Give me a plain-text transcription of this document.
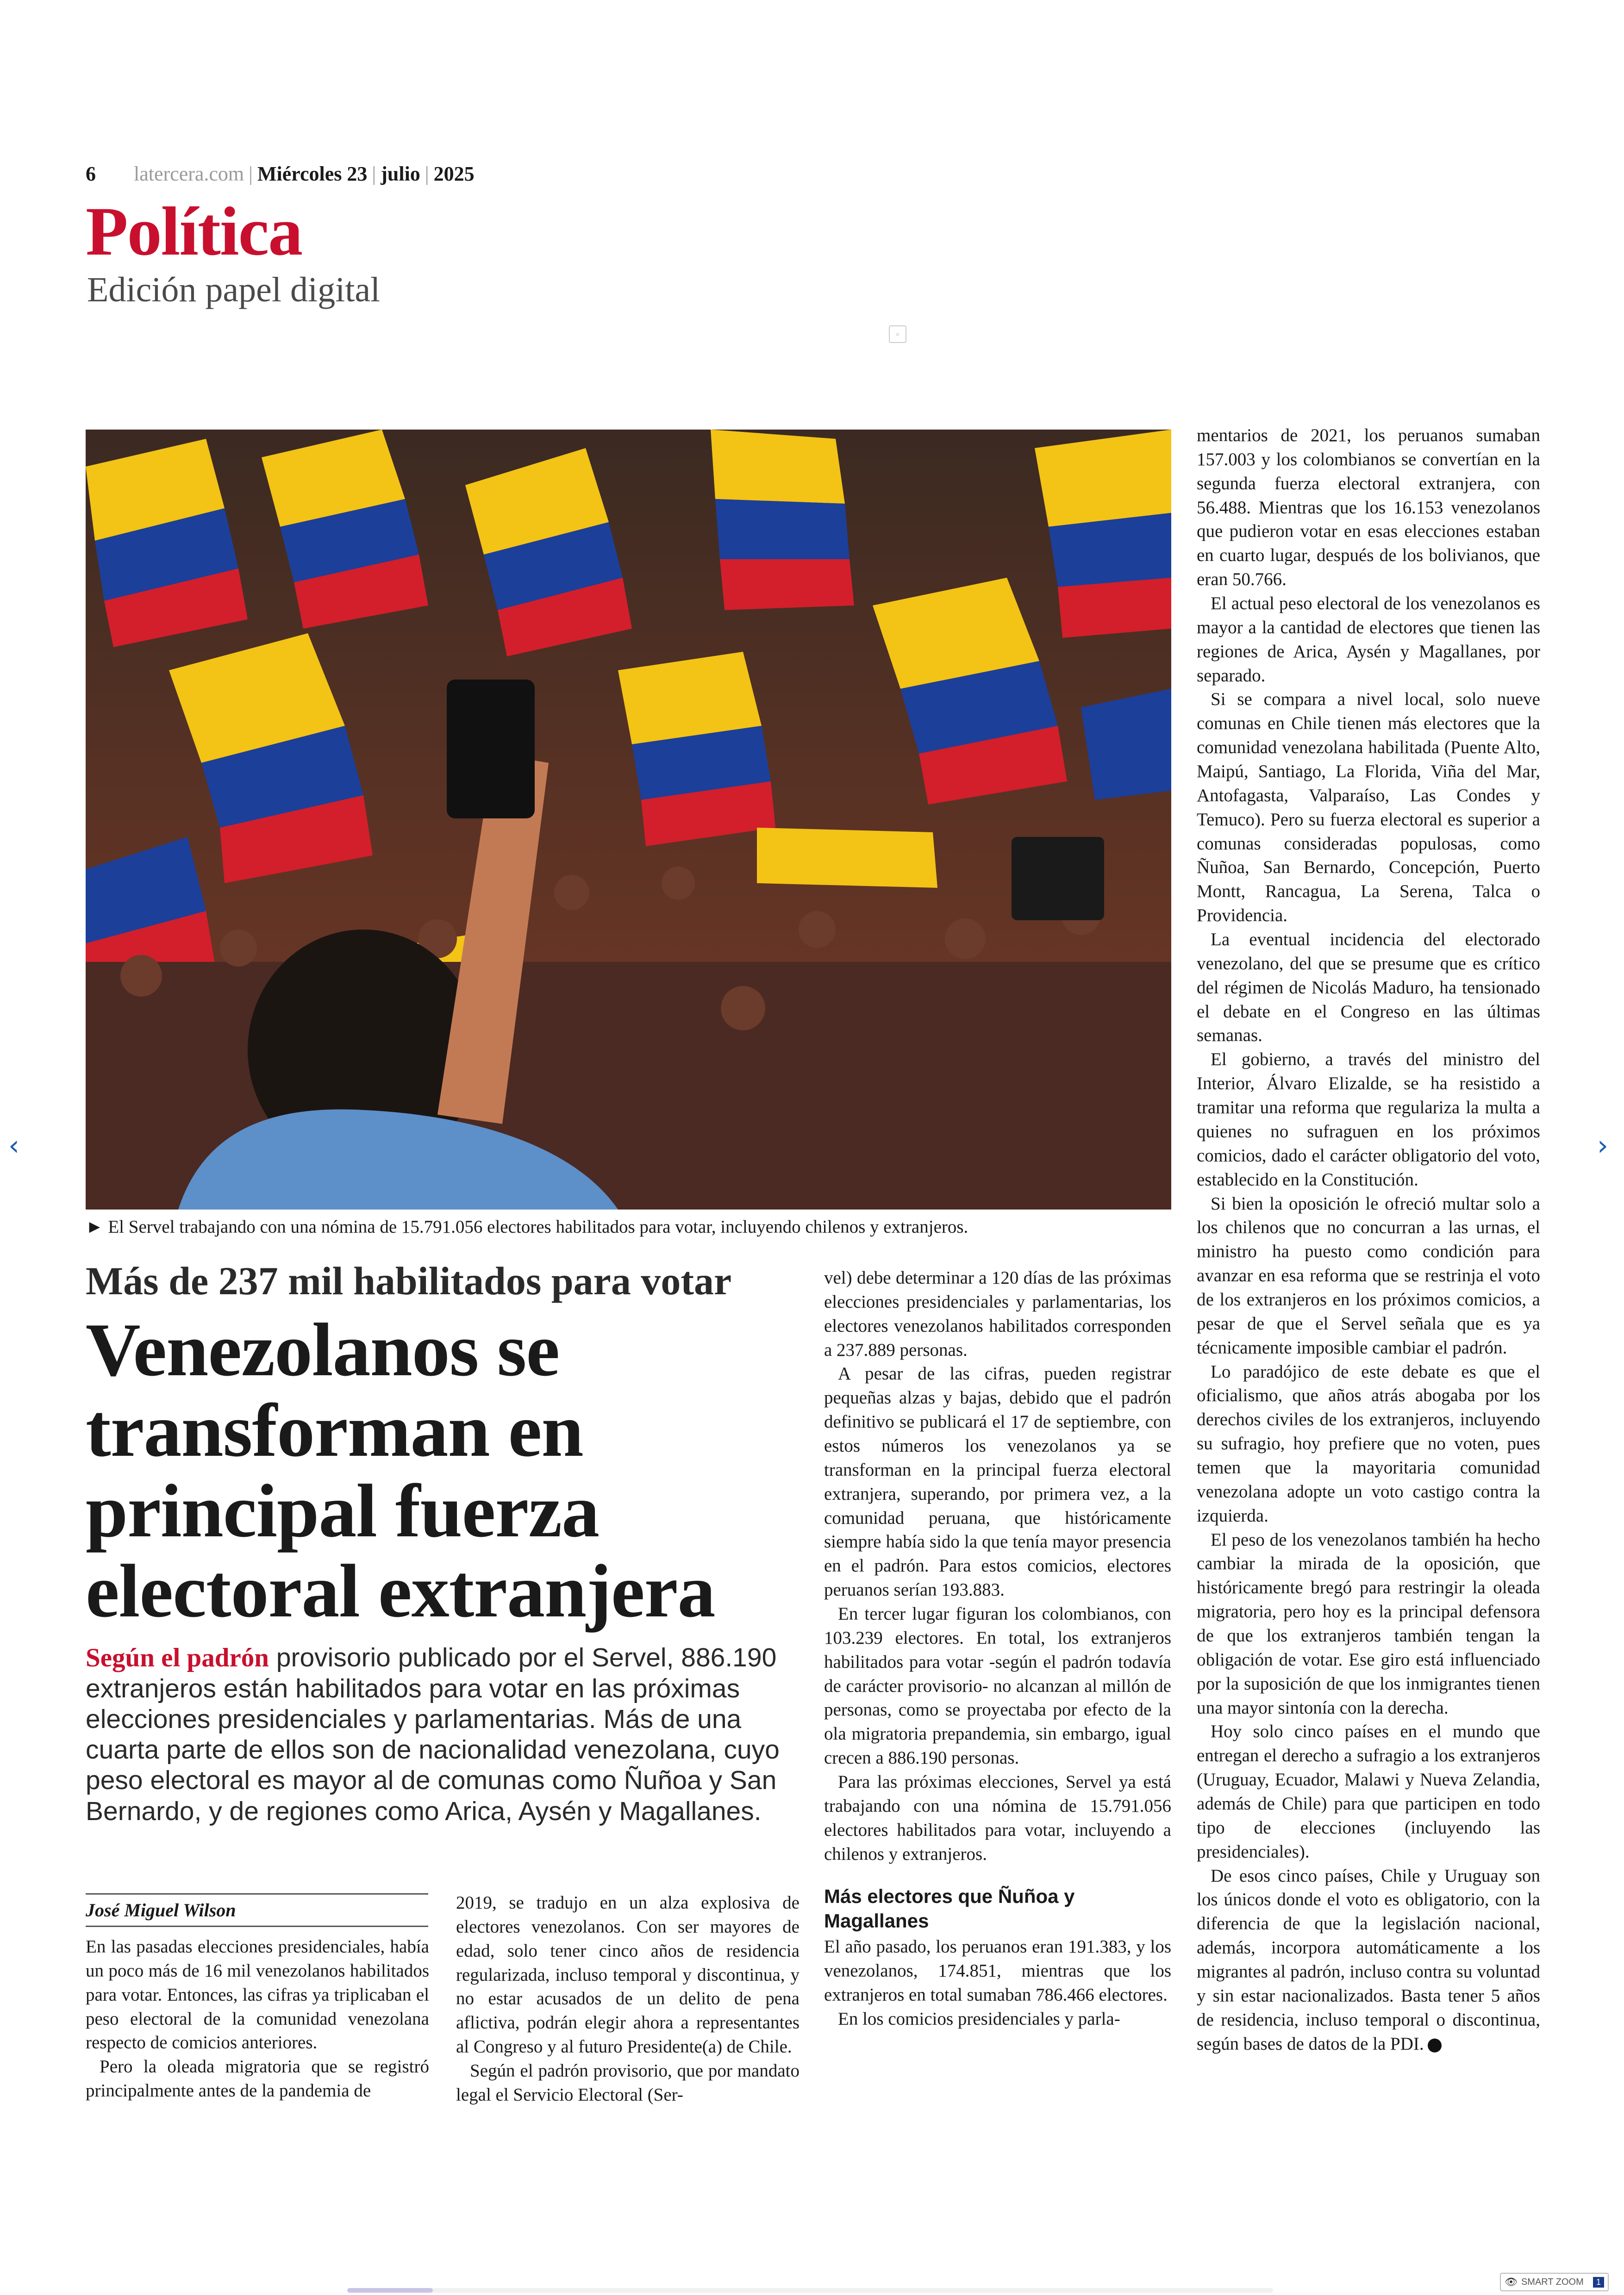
6 latercera.com | Miércoles 23 | julio | 2025
Política
Edición papel digital
▫
► El Servel trabajando con una nómina de 15.791.056 electores habilitados para votar, incluyendo chilenos y extranjeros.
Más de 237 mil habilitados para votar
Venezolanos se transforman en principal fuerza electoral extranjera
Según el padrón provisorio publicado por el Servel, 886.190 extranjeros están habilitados para votar en las próximas elecciones presidenciales y parlamentarias. Más de una cuarta parte de ellos son de nacionalidad venezolana, cuyo peso electoral es mayor al de comunas como Ñuñoa y San Bernardo, y de regiones como Arica, Aysén y Magallanes.
José Miguel Wilson

En las pasadas elecciones presidenciales, había un poco más de 16 mil venezolanos habilitados para votar. Entonces, las cifras ya triplicaban el peso electoral de la comunidad venezolana respecto de comicios anteriores.

Pero la oleada migratoria que se registró principalmente antes de la pandemia de

2019, se tradujo en un alza explosiva de electores venezolanos. Con ser mayores de edad, solo tener cinco años de residencia regularizada, incluso temporal y discontinua, y no estar acusados de un delito de pena aflictiva, podrán elegir ahora a representantes al Congreso y al futuro Presidente(a) de Chile.

Según el padrón provisorio, que por mandato legal el Servicio Electoral (Ser-

vel) debe determinar a 120 días de las próximas elecciones presidenciales y parlamentarias, los electores venezolanos habilitados corresponden a 237.889 personas.

A pesar de las cifras, pueden registrar pequeñas alzas y bajas, debido que el padrón definitivo se publicará el 17 de septiembre, con estos números los venezolanos ya se transforman en la principal fuerza electoral extranjera, superando, por primera vez, a la comunidad peruana, que históricamente siempre había sido la que tenía mayor presencia en el padrón. Para estos comicios, electores peruanos serían 193.883.

En tercer lugar figuran los colombianos, con 103.239 electores. En total, los extranjeros habilitados para votar -según el padrón todavía de carácter provisorio- no alcanzan al millón de personas, como se proyectaba por efecto de la ola migratoria prepandemia, sin embargo, igual crecen a 886.190 personas.

Para las próximas elecciones, Servel ya está trabajando con una nómina de 15.791.056 electores habilitados para votar, incluyendo a chilenos y extranjeros.

Más electores que Ñuñoa y Magallanes

El año pasado, los peruanos eran 191.383, y los venezolanos, 174.851, mientras que los extranjeros en total sumaban 786.466 electores.

En los comicios presidenciales y parla-

mentarios de 2021, los peruanos sumaban 157.003 y los colombianos se convertían en la segunda fuerza electoral extranjera, con 56.488. Mientras que los 16.153 venezolanos que pudieron votar en esas elecciones estaban en cuarto lugar, después de los bolivianos, que eran 50.766.

El actual peso electoral de los venezolanos es mayor a la cantidad de electores que tienen las regiones de Arica, Aysén y Magallanes, por separado.

Si se compara a nivel local, solo nueve comunas en Chile tienen más electores que la comunidad venezolana habilitada (Puente Alto, Maipú, Santiago, La Florida, Viña del Mar, Antofagasta, Valparaíso, Las Condes y Temuco). Pero su fuerza electoral es superior a comunas consideradas populosas, como Ñuñoa, San Bernardo, Concepción, Puerto Montt, Rancagua, La Serena, Talca o Providencia.

La eventual incidencia del electorado venezolano, del que se presume que es crítico del régimen de Nicolás Maduro, ha tensionado el debate en el Congreso en las últimas semanas.

El gobierno, a través del ministro del Interior, Álvaro Elizalde, se ha resistido a tramitar una reforma que regulariza la multa a quienes no sufraguen en los próximos comicios, dado el carácter obligatorio del voto, establecido en la Constitución.

Si bien la oposición le ofreció multar solo a los chilenos que no concurran a las urnas, el ministro ha puesto como condición para avanzar en esa reforma que se restrinja el voto de los extranjeros en los próximos comicios, a pesar de que el Servel señala que es ya técnicamente imposible cambiar el padrón.

Lo paradójico de este debate es que el oficialismo, que años atrás abogaba por los derechos civiles de los extranjeros, incluyendo su sufragio, hoy prefiere que no voten, pues temen que la mayoritaria comunidad venezolana adopte un voto castigo contra la izquierda.

El peso de los venezolanos también ha hecho cambiar la mirada de la oposición, que históricamente bregó para restringir la oleada migratoria, pero hoy es la principal defensora de que los extranjeros también tengan la obligación de votar. Ese giro está influenciado por la suposición de que los inmigrantes tienen una mayor sintonía con la derecha.

Hoy solo cinco países en el mundo que entregan el derecho a sufragio a los extranjeros (Uruguay, Ecuador, Malawi y Nueva Zelandia, además de Chile) para que participen en todo tipo de elecciones (incluyendo las presidenciales).

De esos cinco países, Chile y Uruguay son los únicos donde el voto es obligatorio, con la diferencia de que la legislación nacional, además, incorpora automáticamente a los migrantes al padrón, incluso contra su voluntad y sin estar nacionalizados. Basta tener 5 años de residencia, incluso temporal o discontinua, según bases de datos de la PDI.

‹	›
👁 SMART ZOOM	1
